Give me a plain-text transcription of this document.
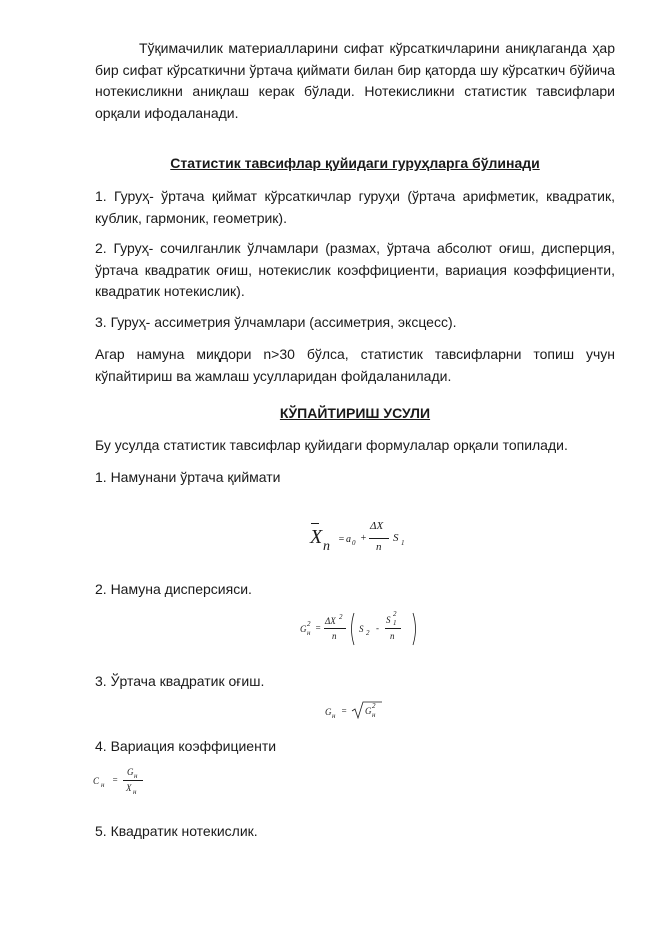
Тўқимачилик материалларини сифат кўрсаткичларини аниқлаганда ҳар бир сифат кўрсаткични ўртача қиймати билан бир қаторда шу кўрсаткич бўйича нотекисликни аниқлаш керак бўлади. Нотекисликни статистик тавсифлари орқали ифодаланади.

Статистик тавсифлар қуйидаги гуруҳларга бўлинади

1. Гуруҳ- ўртача қиймат кўрсаткичлар гуруҳи (ўртача арифметик, квадратик, кублик, гармоник, геометрик).

2. Гуруҳ- сочилганлик ўлчамлари (размах, ўртача абсолют оғиш, дисперция, ўртача квадратик оғиш, нотекислик коэффициенти, вариация коэффициенти, квадратик нотекислик).

3. Гуруҳ- ассиметрия ўлчамлари (ассиметрия, эксцесс).

Агар намуна миқдори n>30 бўлса, статистик тавсифларни топиш учун кўпайтириш ва жамлаш усулларидан фойдаланилади.

КЎПАЙТИРИШ УСУЛИ

Бу усулда статистик тавсифлар қуйидаги формулалар орқали топилади.

1. Намунани ўртача қиймати

X n = a 0 +
ΔX
n
S 1

2. Намуна дисперсияси.

G 2
н =
ΔX 2
n
S 2 -
S
2
1
n

3. Ўртача квадратик оғиш.

G н = G 2
н

4. Вариация коэффициенти

C н =
G н
X н

5. Квадратик нотекислик.
